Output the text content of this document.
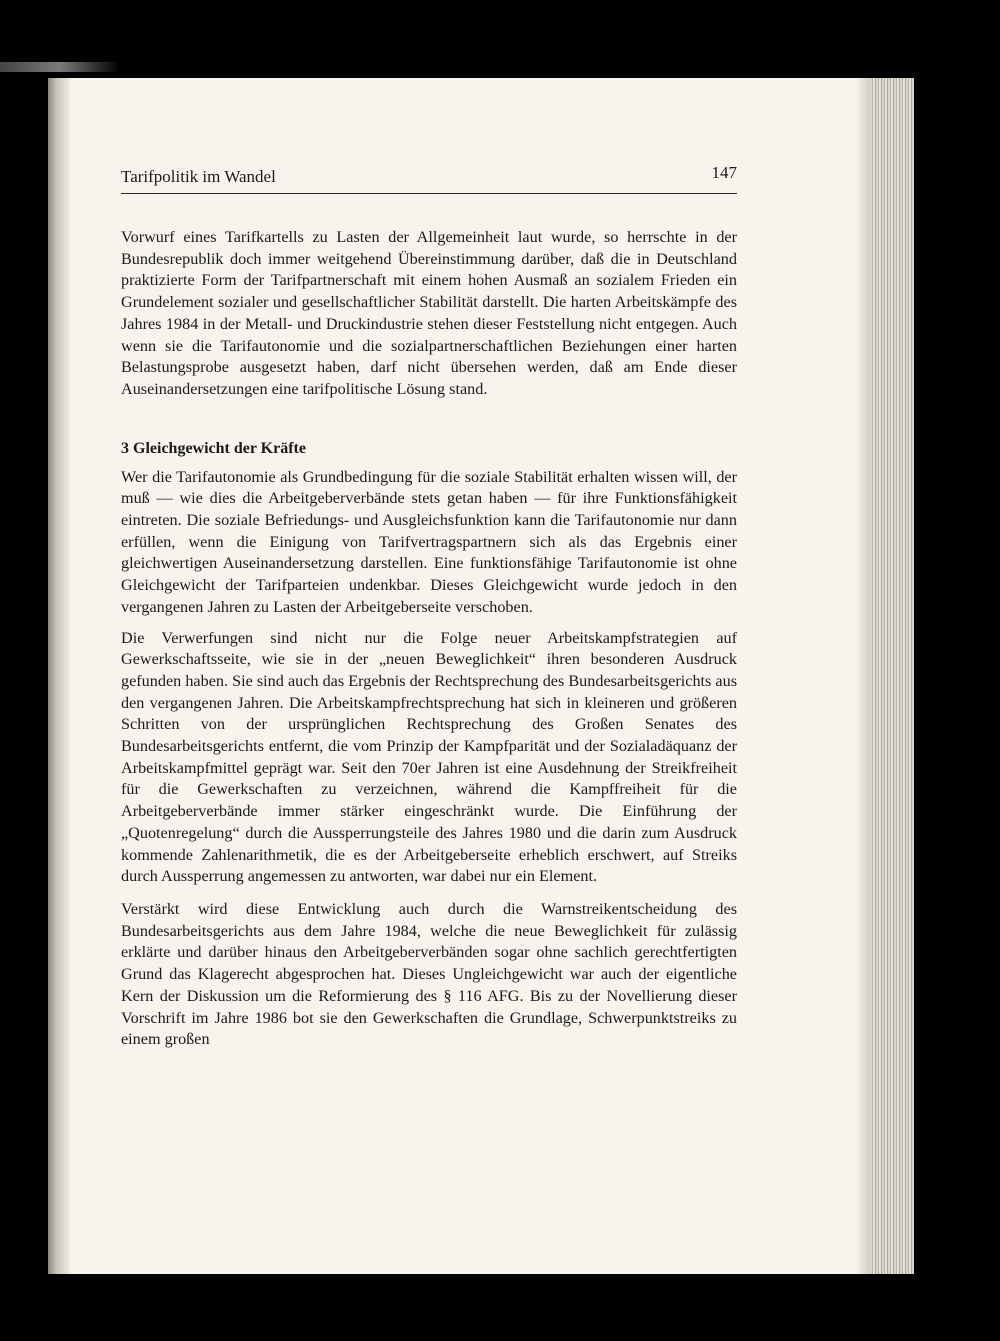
Tarifpolitik im Wandel	147

Vorwurf eines Tarifkartells zu Lasten der Allgemeinheit laut wurde, so herrschte in der Bundesrepublik doch immer weitgehend Übereinstimmung darüber, daß die in Deutschland praktizierte Form der Tarifpartnerschaft mit einem hohen Ausmaß an sozialem Frieden ein Grundelement sozialer und gesellschaftlicher Stabilität darstellt. Die harten Arbeitskämpfe des Jahres 1984 in der Metall- und Druckindustrie stehen dieser Feststellung nicht entgegen. Auch wenn sie die Tarifautonomie und die sozialpartnerschaftlichen Beziehungen einer harten Belastungsprobe ausgesetzt haben, darf nicht übersehen werden, daß am Ende dieser Auseinandersetzungen eine tarifpolitische Lösung stand.

3 Gleichgewicht der Kräfte

Wer die Tarifautonomie als Grundbedingung für die soziale Stabilität erhalten wissen will, der muß — wie dies die Arbeitgeberverbände stets getan haben — für ihre Funktionsfähigkeit eintreten. Die soziale Befriedungs- und Ausgleichsfunktion kann die Tarifautonomie nur dann erfüllen, wenn die Einigung von Tarifvertragspartnern sich als das Ergebnis einer gleichwertigen Auseinandersetzung darstellen. Eine funktionsfähige Tarifautonomie ist ohne Gleichgewicht der Tarifparteien undenkbar. Dieses Gleichgewicht wurde jedoch in den vergangenen Jahren zu Lasten der Arbeitgeberseite verschoben.

Die Verwerfungen sind nicht nur die Folge neuer Arbeitskampfstrategien auf Gewerkschaftsseite, wie sie in der „neuen Beweglichkeit“ ihren besonderen Ausdruck gefunden haben. Sie sind auch das Ergebnis der Rechtsprechung des Bundesarbeitsgerichts aus den vergangenen Jahren. Die Arbeitskampfrechtsprechung hat sich in kleineren und größeren Schritten von der ursprünglichen Rechtsprechung des Großen Senates des Bundesarbeitsgerichts entfernt, die vom Prinzip der Kampfparität und der Sozialadäquanz der Arbeitskampfmittel geprägt war. Seit den 70er Jahren ist eine Ausdehnung der Streikfreiheit für die Gewerkschaften zu verzeichnen, während die Kampffreiheit für die Arbeitgeberverbände immer stärker eingeschränkt wurde. Die Einführung der „Quotenregelung“ durch die Aussperrungsteile des Jahres 1980 und die darin zum Ausdruck kommende Zahlenarithmetik, die es der Arbeitgeberseite erheblich erschwert, auf Streiks durch Aussperrung angemessen zu antworten, war dabei nur ein Element.

Verstärkt wird diese Entwicklung auch durch die Warnstreikentscheidung des Bundesarbeitsgerichts aus dem Jahre 1984, welche die neue Beweglichkeit für zulässig erklärte und darüber hinaus den Arbeitgeberverbänden sogar ohne sachlich gerechtfertigten Grund das Klagerecht abgesprochen hat. Dieses Ungleichgewicht war auch der eigentliche Kern der Diskussion um die Reformierung des § 116 AFG. Bis zu der Novellierung dieser Vorschrift im Jahre 1986 bot sie den Gewerkschaften die Grundlage, Schwerpunktstreiks zu einem großen
